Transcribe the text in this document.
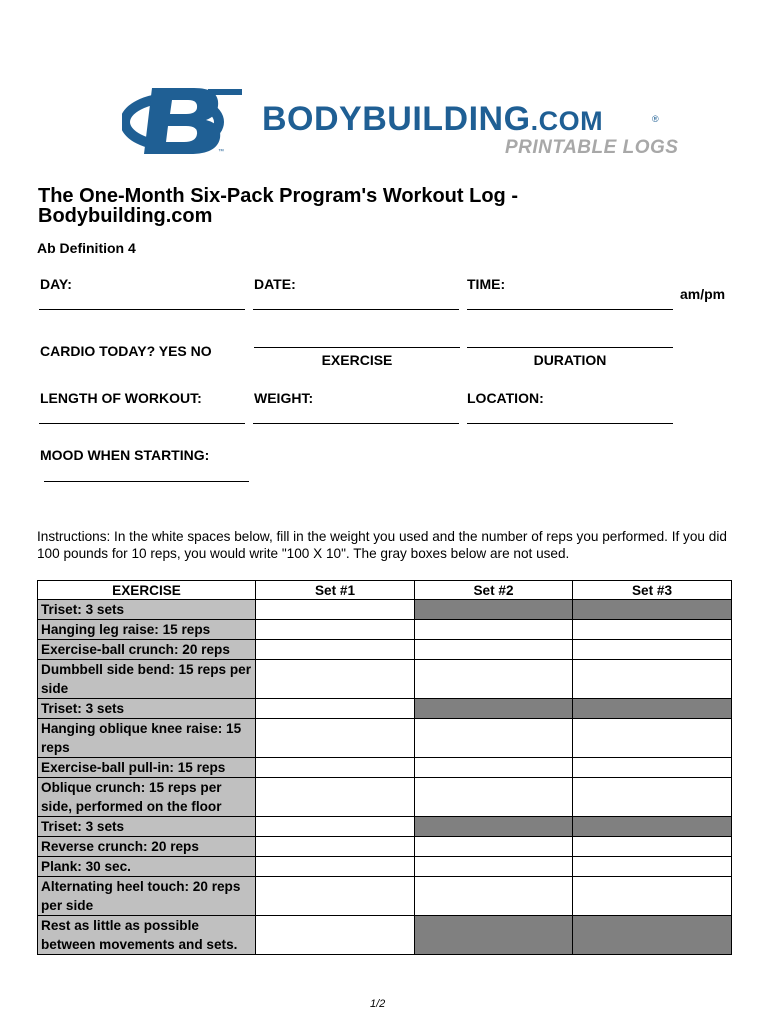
™
BODYBUILDING.COM	®
PRINTABLE LOGS
The One-Month Six-Pack Program's Workout Log - Bodybuilding.com
Ab Definition 4
DAY:	DATE:	TIME:
am/pm
CARDIO TODAY? YES NO
EXERCISE	DURATION
LENGTH OF WORKOUT:	WEIGHT:	LOCATION:
MOOD WHEN STARTING:
Instructions: In the white spaces below, fill in the weight you used and the number of reps you performed. If you did 100 pounds for 10 reps, you would write "100 X 10". The gray boxes below are not used.
EXERCISE	Set #1	Set #2	Set #3
Triset: 3 sets			
Hanging leg raise: 15 reps			
Exercise-ball crunch: 20 reps			
Dumbbell side bend: 15 reps per side			
Triset: 3 sets			
Hanging oblique knee raise: 15 reps			
Exercise-ball pull-in: 15 reps			
Oblique crunch: 15 reps per side, performed on the floor			
Triset: 3 sets			
Reverse crunch: 20 reps			
Plank: 30 sec.			
Alternating heel touch: 20 reps per side			
Rest as little as possible between movements and sets.			
1/2
